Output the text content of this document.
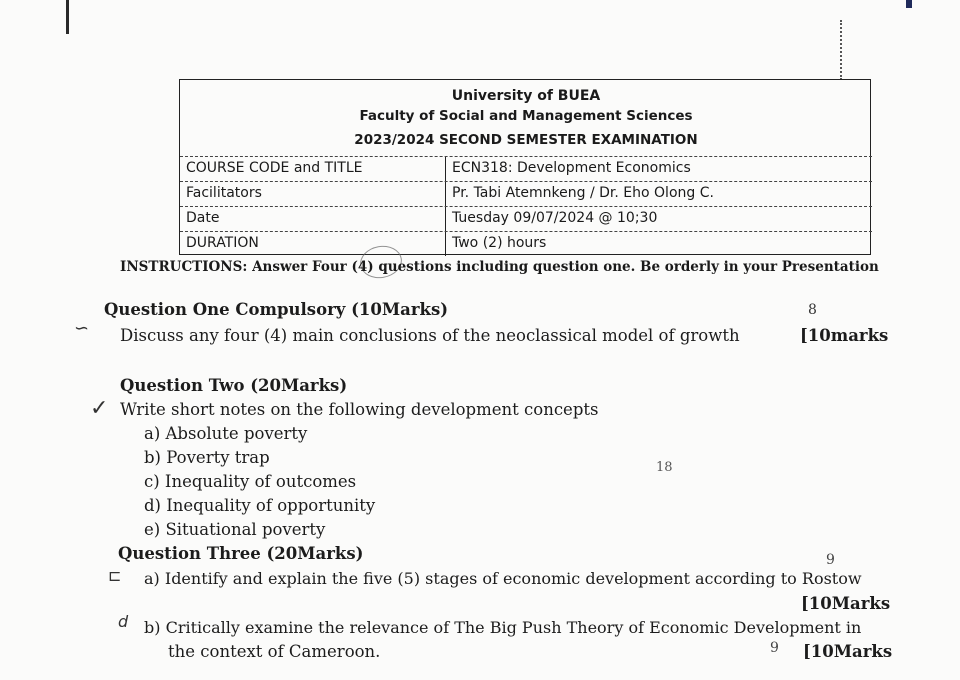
University of BUEA
Faculty of Social and Management Sciences
2023/2024 SECOND SEMESTER EXAMINATION
COURSE CODE and TITLE	ECN318: Development Economics
Facilitators	Pr. Tabi Atemnkeng / Dr. Eho Olong C.
Date	Tuesday 09/07/2024 @ 10;30
DURATION	Two (2) hours
INSTRUCTIONS: Answer Four (4) questions including question one. Be orderly in your Presentation
∽
Question One Compulsory (10Marks)
Discuss any four (4) main conclusions of the neoclassical model of growth	[10marks
8
Question Two (20Marks)
✓ Write short notes on the following development concepts
a) Absolute poverty
b) Poverty trap
c) Inequality of outcomes
d) Inequality of opportunity
e) Situational poverty
18
Question Three (20Marks)
⊏ a) Identify and explain the five (5) stages of economic development according to Rostow
[10Marks
9
d b) Critically examine the relevance of The Big Push Theory of Economic Development in
the context of Cameroon.	9 [10Marks
